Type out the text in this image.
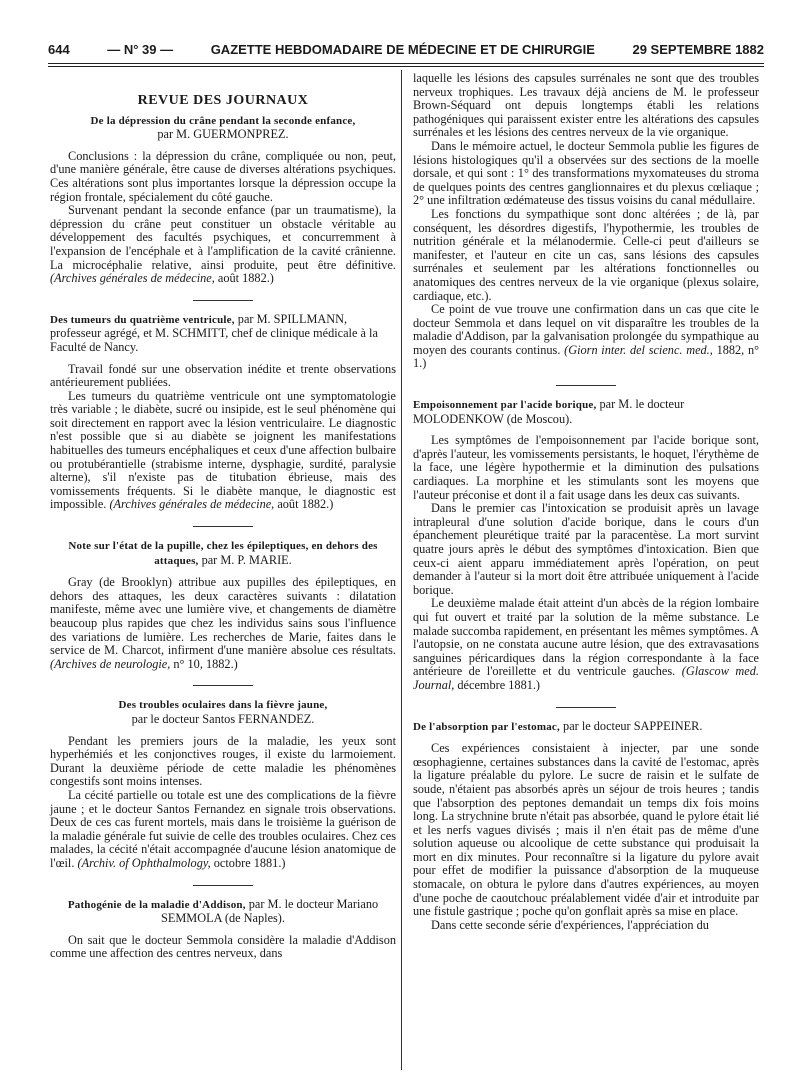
644	— N° 39 —	GAZETTE HEBDOMADAIRE DE MÉDECINE ET DE CHIRURGIE	29 SEPTEMBRE 1882
REVUE DES JOURNAUX
De la dépression du crâne pendant la seconde enfance,
par M. GUERMONPREZ.

Conclusions : la dépression du crâne, compliquée ou non, peut, d'une manière générale, être cause de diverses altérations psychiques. Ces altérations sont plus importantes lorsque la dépression occupe la région frontale, spécialement du côté gauche.

Survenant pendant la seconde enfance (par un traumatisme), la dépression du crâne peut constituer un obstacle véritable au développement des facultés psychiques, et concurremment à l'expansion de l'encéphale et à l'amplification de la cavité crânienne. La microcéphalie relative, ainsi produite, peut être définitive. (Archives générales de médecine, août 1882.)

Des tumeurs du quatrième ventricule, par M. SPILLMANN, professeur agrégé, et M. SCHMITT, chef de clinique médicale à la Faculté de Nancy.

Travail fondé sur une observation inédite et trente observations antérieurement publiées.

Les tumeurs du quatrième ventricule ont une symptomatologie très variable ; le diabète, sucré ou insipide, est le seul phénomène qui soit directement en rapport avec la lésion ventriculaire. Le diagnostic n'est possible que si au diabète se joignent les manifestations habituelles des tumeurs encéphaliques et ceux d'une affection bulbaire ou protubérantielle (strabisme interne, dysphagie, surdité, paralysie alterne), s'il n'existe pas de titubation ébrieuse, mais des vomissements fréquents. Si le diabète manque, le diagnostic est impossible. (Archives générales de médecine, août 1882.)

Note sur l'état de la pupille, chez les épileptiques, en dehors des attaques, par M. P. MARIE.

Gray (de Brooklyn) attribue aux pupilles des épileptiques, en dehors des attaques, les deux caractères suivants : dilatation manifeste, même avec une lumière vive, et changements de diamètre beaucoup plus rapides que chez les individus sains sous l'influence des variations de lumière. Les recherches de Marie, faites dans le service de M. Charcot, infirment d'une manière absolue ces résultats. (Archives de neurologie, n° 10, 1882.)

Des troubles oculaires dans la fièvre jaune,
par le docteur Santos FERNANDEZ.

Pendant les premiers jours de la maladie, les yeux sont hyperhémiés et les conjonctives rouges, il existe du larmoiement. Durant la deuxième période de cette maladie les phénomènes congestifs sont moins intenses.

La cécité partielle ou totale est une des complications de la fièvre jaune ; et le docteur Santos Fernandez en signale trois observations. Deux de ces cas furent mortels, mais dans le troisième la guérison de la maladie générale fut suivie de celle des troubles oculaires. Chez ces malades, la cécité n'était accompagnée d'aucune lésion anatomique de l'œil. (Archiv. of Ophthalmology, octobre 1881.)

Pathogénie de la maladie d'Addison, par M. le docteur Mariano SEMMOLA (de Naples).

On sait que le docteur Semmola considère la maladie d'Addison comme une affection des centres nerveux, dans

laquelle les lésions des capsules surrénales ne sont que des troubles nerveux trophiques. Les travaux déjà anciens de M. le professeur Brown-Séquard ont depuis longtemps établi les relations pathogéniques qui paraissent exister entre les altérations des capsules surrénales et les lésions des centres nerveux de la vie organique.

Dans le mémoire actuel, le docteur Semmola publie les figures de lésions histologiques qu'il a observées sur des sections de la moelle dorsale, et qui sont : 1° des transformations myxomateuses du stroma de quelques points des centres ganglionnaires et du plexus cœliaque ; 2° une infiltration œdémateuse des tissus voisins du canal médullaire.

Les fonctions du sympathique sont donc altérées ; de là, par conséquent, les désordres digestifs, l'hypothermie, les troubles de nutrition générale et la mélanodermie. Celle-ci peut d'ailleurs se manifester, et l'auteur en cite un cas, sans lésions des capsules surrénales et seulement par les altérations fonctionnelles ou anatomiques des centres nerveux de la vie organique (plexus solaire, cardiaque, etc.).

Ce point de vue trouve une confirmation dans un cas que cite le docteur Semmola et dans lequel on vit disparaître les troubles de la maladie d'Addison, par la galvanisation prolongée du sympathique au moyen des courants continus. (Giorn inter. del scienc. med., 1882, n° 1.)

Empoisonnement par l'acide borique, par M. le docteur MOLODENKOW (de Moscou).

Les symptômes de l'empoisonnement par l'acide borique sont, d'après l'auteur, les vomissements persistants, le hoquet, l'érythème de la face, une légère hypothermie et la diminution des pulsations cardiaques. La morphine et les stimulants sont les moyens que l'auteur préconise et dont il a fait usage dans les deux cas suivants.

Dans le premier cas l'intoxication se produisit après un lavage intrapleural d'une solution d'acide borique, dans le cours d'un épanchement pleurétique traité par la paracentèse. La mort survint quatre jours après le début des symptômes d'intoxication. Bien que ceux-ci aient apparu immédiatement après l'opération, on peut demander à l'auteur si la mort doit être attribuée uniquement à l'acide borique.

Le deuxième malade était atteint d'un abcès de la région lombaire qui fut ouvert et traité par la solution de la même substance. Le malade succomba rapidement, en présentant les mêmes symptômes. A l'autopsie, on ne constata aucune autre lésion, que des extravasations sanguines péricardiques dans la région correspondante à la face antérieure de l'oreillette et du ventricule gauches. (Glascow med. Journal, décembre 1881.)

De l'absorption par l'estomac, par le docteur SAPPEINER.

Ces expériences consistaient à injecter, par une sonde œsophagienne, certaines substances dans la cavité de l'estomac, après la ligature préalable du pylore. Le sucre de raisin et le sulfate de soude, n'étaient pas absorbés après un séjour de trois heures ; tandis que l'absorption des peptones demandait un temps dix fois moins long. La strychnine brute n'était pas absorbée, quand le pylore était lié et les nerfs vagues divisés ; mais il n'en était pas de même d'une solution aqueuse ou alcoolique de cette substance qui produisait la mort en dix minutes. Pour reconnaître si la ligature du pylore avait pour effet de modifier la puissance d'absorption de la muqueuse stomacale, on obtura le pylore dans d'autres expériences, au moyen d'une poche de caoutchouc préalablement vidée d'air et introduite par une fistule gastrique ; poche qu'on gonflait après sa mise en place.

Dans cette seconde série d'expériences, l'appréciation du
